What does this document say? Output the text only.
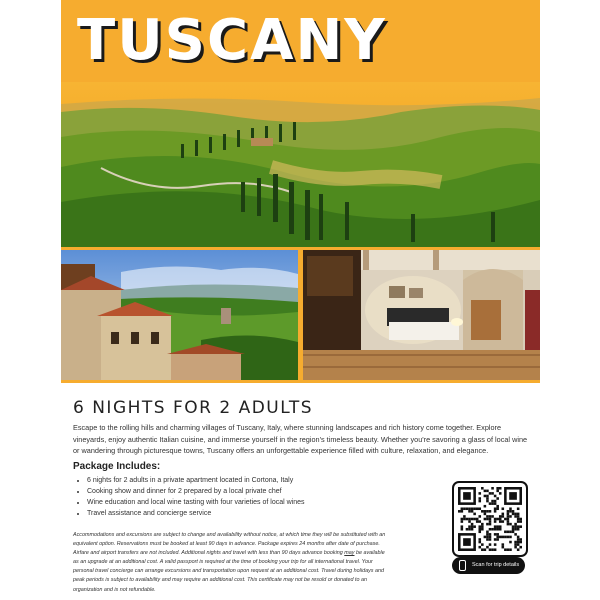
TUSCANY
6 NIGHTS FOR 2 ADULTS
Escape to the rolling hills and charming villages of Tuscany, Italy, where stunning landscapes and rich history come together. Explore vineyards, enjoy authentic Italian cuisine, and immerse yourself in the region's timeless beauty. Whether you're savoring a glass of local wine or wandering through picturesque towns, Tuscany offers an unforgettable experience filled with culture, relaxation, and elegance.
Package Includes:
• 6 nights for 2 adults in a private apartment located in Cortona, Italy
• Cooking show and dinner for 2 prepared by a local private chef
• Wine education and local wine tasting with four varieties of local wines
• Travel assistance and concierge service
Accommodations and excursions are subject to change and availability without notice, at which time they will be substituted with an equivalent option. Reservations must be booked at least 90 days in advance. Package expires 24 months after date of purchase. Airfare and airport transfers are not included. Additional nights and travel with less than 90 days advance booking may be available as an upgrade at an additional cost. A valid passport is required at the time of booking your trip for all international travel. Your personal travel concierge can arrange excursions and transportation upon request at an additional cost. Travel during holidays and peak periods is subject to availability and may require an additional cost. This certificate may not be resold or donated to an organization and is not refundable.
Scan for trip details
